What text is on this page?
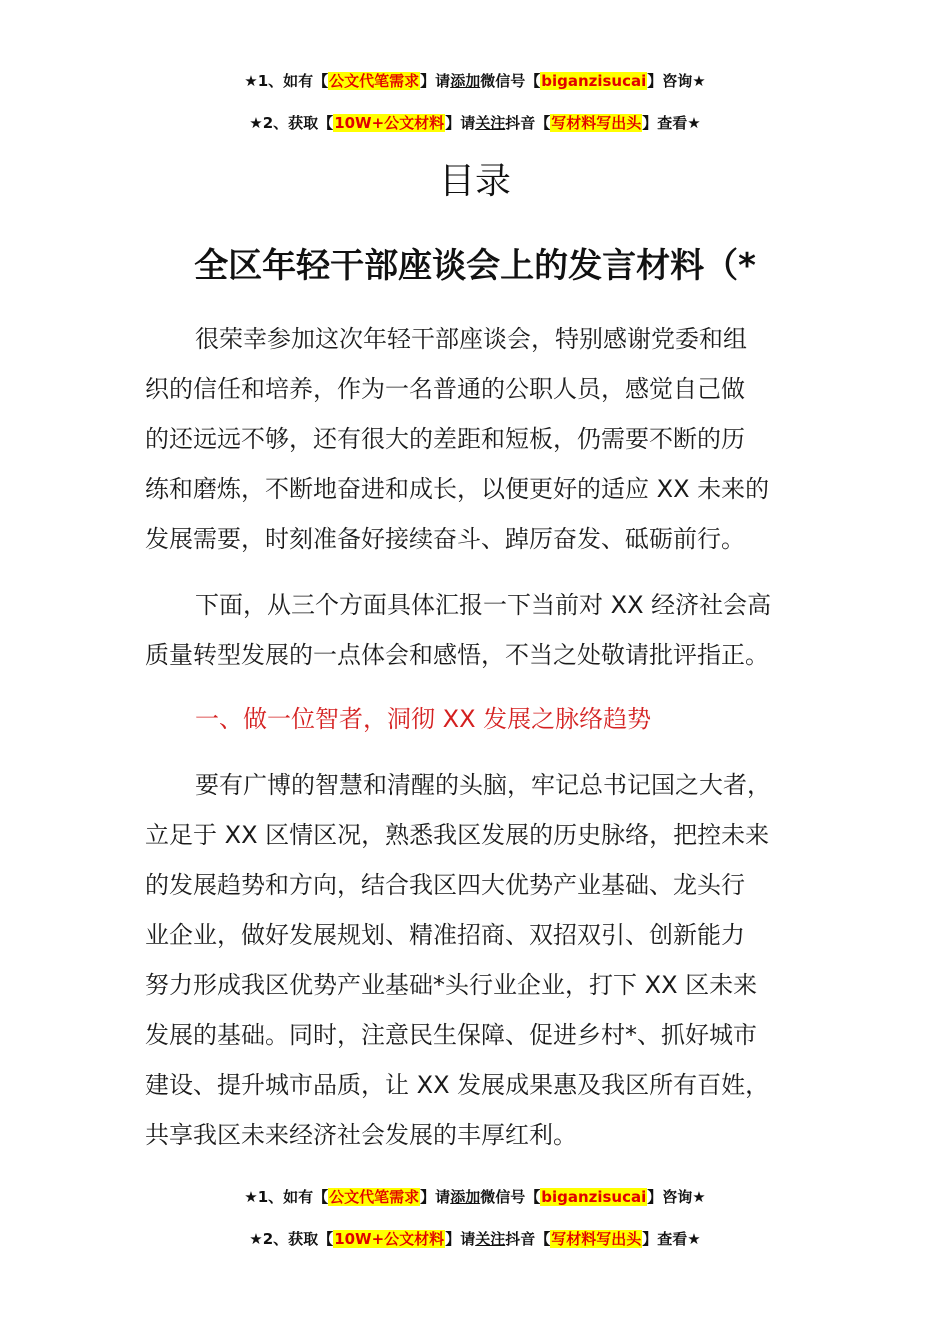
★1、如有【公文代笔需求】请添加微信号【biganzisucai】咨询★
★2、获取【10W+公文材料】请关注抖音【写材料写出头】查看★
目录
全区年轻干部座谈会上的发言材料（*
很荣幸参加这次年轻干部座谈会，特别感谢党委和组
织的信任和培养，作为一名普通的公职人员，感觉自己做
的还远远不够，还有很大的差距和短板，仍需要不断的历
练和磨炼，不断地奋进和成长，以便更好的适应 XX 未来的
发展需要，时刻准备好接续奋斗、踔厉奋发、砥砺前行。
下面，从三个方面具体汇报一下当前对 XX 经济社会高
质量转型发展的一点体会和感悟，不当之处敬请批评指正。
一、做一位智者，洞彻 XX 发展之脉络趋势
要有广博的智慧和清醒的头脑，牢记总书记国之大者，
立足于 XX 区情区况，熟悉我区发展的历史脉络，把控未来
的发展趋势和方向，结合我区四大优势产业基础、龙头行
业企业，做好发展规划、精准招商、双招双引、创新能力
努力形成我区优势产业基础*头行业企业，打下 XX 区未来
发展的基础。同时，注意民生保障、促进乡村*、抓好城市
建设、提升城市品质，让 XX 发展成果惠及我区所有百姓，
共享我区未来经济社会发展的丰厚红利。
★1、如有【公文代笔需求】请添加微信号【biganzisucai】咨询★
★2、获取【10W+公文材料】请关注抖音【写材料写出头】查看★
